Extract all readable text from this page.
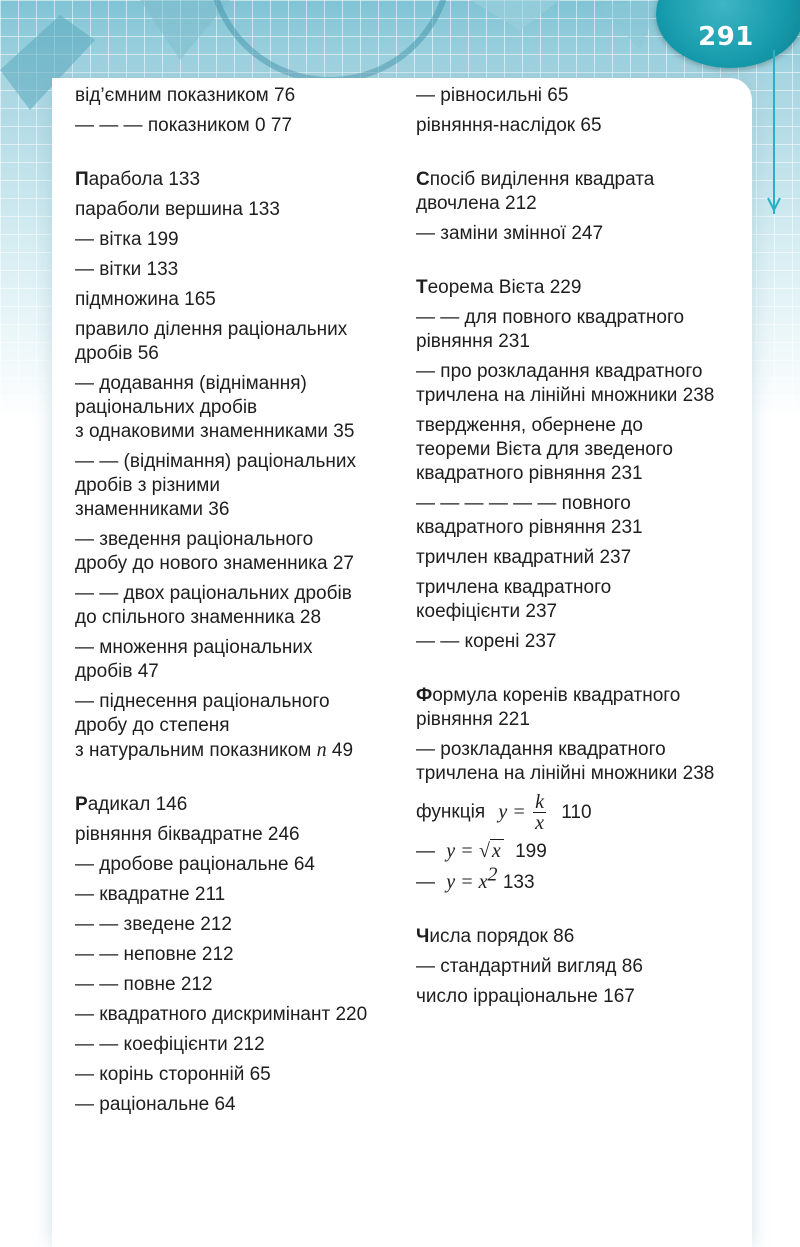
291
від’ємним показником 76
— — — показником 0 77
Парабола 133
параболи вершина 133
— вітка 199
— вітки 133
підмножина 165
правило ділення раціональних
дробів 56
— додавання (віднімання)
раціональних дробів
з однаковими знаменниками 35
— — (віднімання) раціональних
дробів з різними
знаменниками 36
— зведення раціонального
дробу до нового знаменника 27
— — двох раціональних дробів
до спільного знаменника 28
— множення раціональних
дробів 47
— піднесення раціонального
дробу до степеня
з натуральним показником n 49
Радикал 146
рівняння біквадратне 246
— дробове раціональне 64
— квадратне 211
— — зведене 212
— — неповне 212
— — повне 212
— квадратного дискримінант 220
— — коефіцієнти 212
— корінь сторонній 65
— раціональне 64
— рівносильні 65
рівняння-наслідок 65
Спосіб виділення квадрата
двочлена 212
— заміни змінної 247
Теорема Вієта 229
— — для повного квадратного
рівняння 231
— про розкладання квадратного
тричлена на лінійні множники 238
твердження, обернене до
теореми Вієта для зведеного
квадратного рівняння 231
— — — — — — повного
квадратного рівняння 231
тричлен квадратний 237
тричлена квадратного
коефіцієнти 237
— — корені 237
Формула коренів квадратного
рівняння 221
— розкладання квадратного
тричлена на лінійні множники 238
функція $y = \frac{k}{x} 110$
— y = √ x 199
— $y = x^2$ 133
Числа порядок 86
— стандартний вигляд 86
число ірраціональне 167
